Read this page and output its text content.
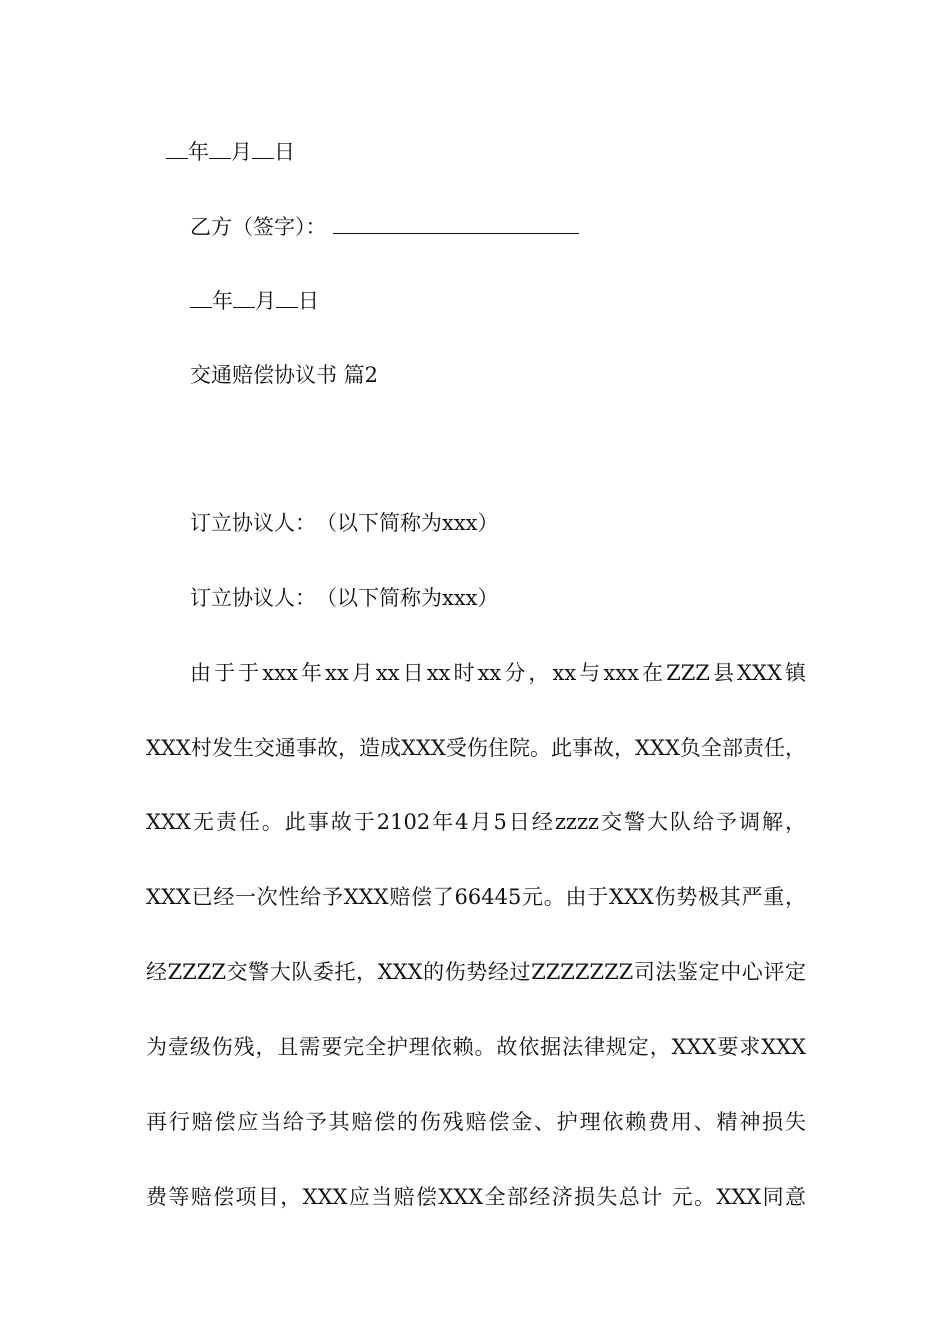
年 月 日
乙方（签字）：
年 月 日
交通赔偿协议书 篇2
订立协议人：　（以下简称为xxx）
订立协议人：　（以下简称为xxx）
由于于xxx年xx月xx日xx时xx分，xx与xxx在ZZZ县XXX镇
XXX村发生交通事故，造成XXX受伤住院。此事故，XXX负全部责任，
XXX无责任。此事故于2102年4月5日经zzzz交警大队给予调解，
XXX已经一次性给予XXX赔偿了66445元。由于XXX伤势极其严重，
经ZZZZ交警大队委托，XXX的伤势经过ZZZZZZZ司法鉴定中心评定
为壹级伤残，且需要完全护理依赖。故依据法律规定，XXX要求XXX
再行赔偿应当给予其赔偿的伤残赔偿金、护理依赖费用、精神损失
费等赔偿项目，XXX应当赔偿XXX全部经济损失总计 元。XXX同意
